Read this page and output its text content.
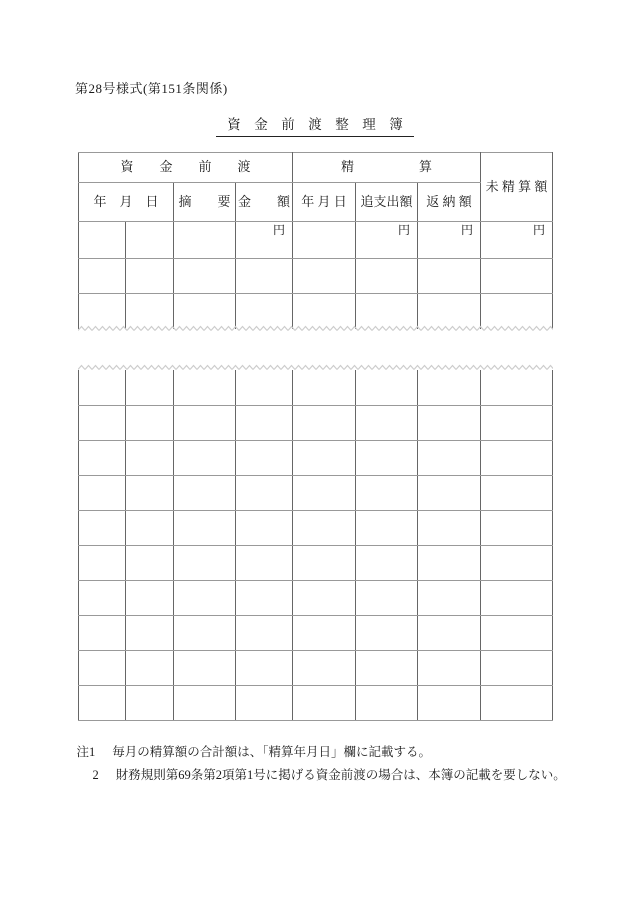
第28号様式(第151条関係)
資　金　前　渡　整　理　簿
資　　金　　前　　渡				精　　　　　算			未 精 算 額
年　月　日		摘　　要	金　　額	年 月 日	追支出額	返 納 額	
			円		円	円	円

注1 毎月の精算額の合計額は、「精算年月日」欄に記載する。

2 財務規則第69条第2項第1号に掲げる資金前渡の場合は、本簿の記載を要しない。
